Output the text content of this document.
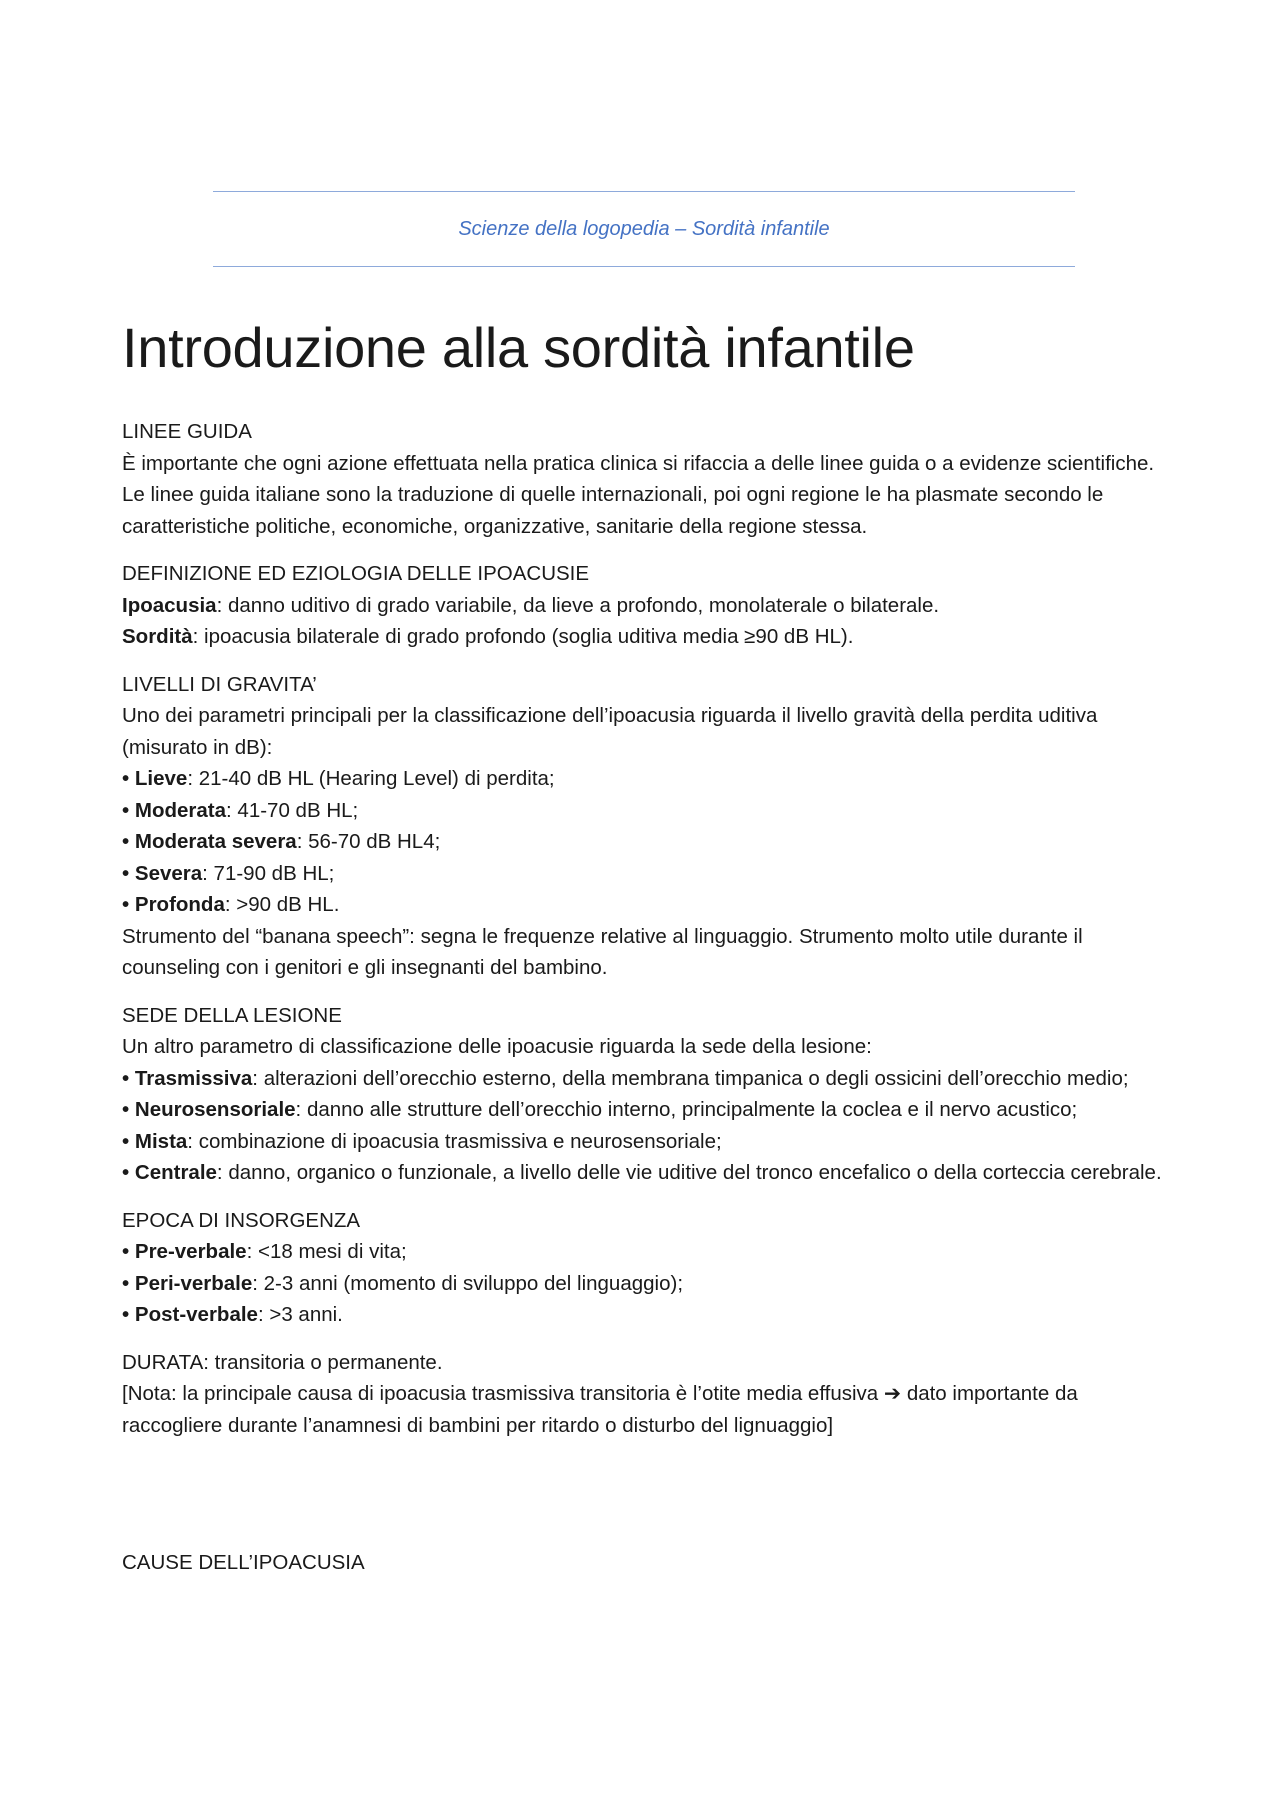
Scienze della logopedia – Sordità infantile
Introduzione alla sordità infantile

LINEE GUIDA

È importante che ogni azione effettuata nella pratica clinica si rifaccia a delle linee guida o a evidenze scientifiche. Le linee guida italiane sono la traduzione di quelle internazionali, poi ogni regione le ha plasmate secondo le caratteristiche politiche, economiche, organizzative, sanitarie della regione stessa.

DEFINIZIONE ED EZIOLOGIA DELLE IPOACUSIE

Ipoacusia: danno uditivo di grado variabile, da lieve a profondo, monolaterale o bilaterale.

Sordità: ipoacusia bilaterale di grado profondo (soglia uditiva media ≥90 dB HL).

LIVELLI DI GRAVITA’

Uno dei parametri principali per la classificazione dell’ipoacusia riguarda il livello gravità della perdita uditiva (misurato in dB):

• Lieve: 21-40 dB HL (Hearing Level) di perdita;

• Moderata: 41-70 dB HL;

• Moderata severa: 56-70 dB HL4;

• Severa: 71-90 dB HL;

• Profonda: >90 dB HL.

Strumento del “banana speech”: segna le frequenze relative al linguaggio. Strumento molto utile durante il counseling con i genitori e gli insegnanti del bambino.

SEDE DELLA LESIONE

Un altro parametro di classificazione delle ipoacusie riguarda la sede della lesione:

• Trasmissiva: alterazioni dell’orecchio esterno, della membrana timpanica o degli ossicini dell’orecchio medio;

• Neurosensoriale: danno alle strutture dell’orecchio interno, principalmente la coclea e il nervo acustico;

• Mista: combinazione di ipoacusia trasmissiva e neurosensoriale;

• Centrale: danno, organico o funzionale, a livello delle vie uditive del tronco encefalico o della corteccia cerebrale.

EPOCA DI INSORGENZA

• Pre-verbale: <18 mesi di vita;

• Peri-verbale: 2-3 anni (momento di sviluppo del linguaggio);

• Post-verbale: >3 anni.

DURATA: transitoria o permanente.

[Nota: la principale causa di ipoacusia trasmissiva transitoria è l’otite media effusiva ➔ dato importante da raccogliere durante l’anamnesi di bambini per ritardo o disturbo del lignuaggio]

CAUSE DELL’IPOACUSIA
